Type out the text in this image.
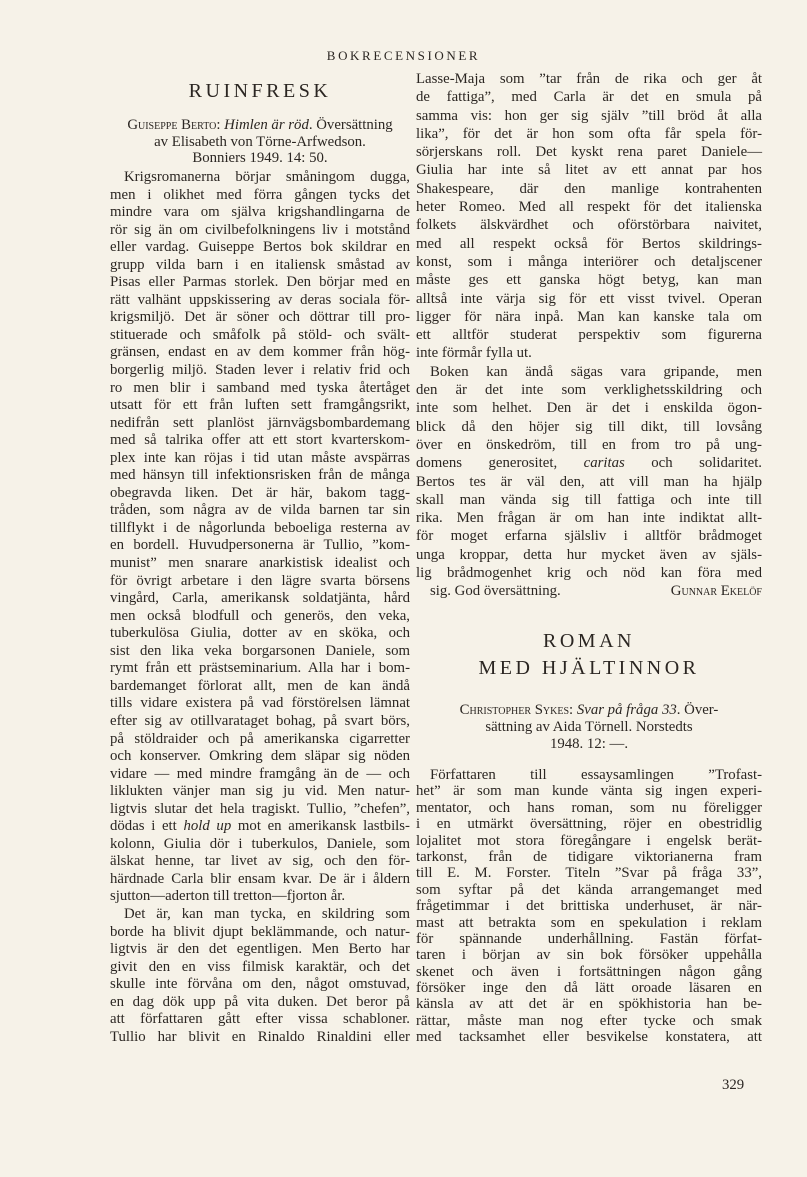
BOKRECENSIONER
RUINFRESK
Guiseppe Berto: Himlen är röd. Översättning
av Elisabeth von Törne-Arfwedson.
Bonniers 1949. 14: 50.
Krigsromanerna börjar småningom dugga,
men i olikhet med förra gången tycks det
mindre vara om själva krigshandlingarna de
rör sig än om civilbefolkningens liv i motstånd
eller vardag. Guiseppe Bertos bok skildrar en
grupp vilda barn i en italiensk småstad av
Pisas eller Parmas storlek. Den börjar med en
rätt valhänt uppskissering av deras sociala för-
krigsmiljö. Det är söner och döttrar till pro-
stituerade och småfolk på stöld- och svält-
gränsen, endast en av dem kommer från hög-
borgerlig miljö. Staden lever i relativ frid och
ro men blir i samband med tyska återtåget
utsatt för ett från luften sett framgångsrikt,
nedifrån sett planlöst järnvägsbombardemang
med så talrika offer att ett stort kvarterskom-
plex inte kan röjas i tid utan måste avspärras
med hänsyn till infektionsrisken från de många
obegravda liken. Det är här, bakom tagg-
tråden, som några av de vilda barnen tar sin
tillflykt i de någorlunda beboeliga resterna av
en bordell. Huvudpersonerna är Tullio, ”kom-
munist” men snarare anarkistisk idealist och
för övrigt arbetare i den lägre svarta börsens
vingård, Carla, amerikansk soldatjänta, hård
men också blodfull och generös, den veka,
tuberkulösa Giulia, dotter av en sköka, och
sist den lika veka borgarsonen Daniele, som
rymt från ett prästseminarium. Alla har i bom-
bardemanget förlorat allt, men de kan ändå
tills vidare existera på vad förstörelsen lämnat
efter sig av otillvarataget bohag, på svart börs,
på stöldraider och på amerikanska cigarretter
och konserver. Omkring dem släpar sig nöden
vidare — med mindre framgång än de — och
liklukten vänjer man sig ju vid. Men natur-
ligtvis slutar det hela tragiskt. Tullio, ”chefen”,
dödas i ett hold up mot en amerikansk lastbils-
kolonn, Giulia dör i tuberkulos, Daniele, som
älskat henne, tar livet av sig, och den för-
härdnade Carla blir ensam kvar. De är i åldern
sjutton—aderton till tretton—fjorton år.
Det är, kan man tycka, en skildring som
borde ha blivit djupt beklämmande, och natur-
ligtvis är den det egentligen. Men Berto har
givit den en viss filmisk karaktär, och det
skulle inte förvåna om den, något omstuvad,
en dag dök upp på vita duken. Det beror på
att författaren gått efter vissa schabloner.
Tullio har blivit en Rinaldo Rinaldini eller
Lasse-Maja som ”tar från de rika och ger åt
de fattiga”, med Carla är det en smula på
samma vis: hon ger sig själv ”till bröd åt alla
lika”, för det är hon som ofta får spela för-
sörjerskans roll. Det kyskt rena paret Daniele—
Giulia har inte så litet av ett annat par hos
Shakespeare, där den manlige kontrahenten
heter Romeo. Med all respekt för det italienska
folkets älskvärdhet och oförstörbara naivitet,
med all respekt också för Bertos skildrings-
konst, som i många interiörer och detaljscener
måste ges ett ganska högt betyg, kan man
alltså inte värja sig för ett visst tvivel. Operan
ligger för nära inpå. Man kan kanske tala om
ett alltför studerat perspektiv som figurerna
inte förmår fylla ut.
Boken kan ändå sägas vara gripande, men
den är det inte som verklighetsskildring och
inte som helhet. Den är det i enskilda ögon-
blick då den höjer sig till dikt, till lovsång
över en önskedröm, till en from tro på ung-
domens generositet, caritas och solidaritet.
Bertos tes är väl den, att vill man ha hjälp
skall man vända sig till fattiga och inte till
rika. Men frågan är om han inte indiktat allt-
för moget erfarna själsliv i alltför brådmoget
unga kroppar, detta hur mycket även av själs-
lig brådmogenhet krig och nöd kan föra med
sig. God översättning.	Gunnar Ekelöf
ROMAN
MED HJÄLTINNOR
Christopher Sykes: Svar på fråga 33. Över-
sättning av Aida Törnell. Norstedts
1948. 12: —.
Författaren till essaysamlingen ”Trofast-
het” är som man kunde vänta sig ingen experi-
mentator, och hans roman, som nu föreligger
i en utmärkt översättning, röjer en obestridlig
lojalitet mot stora föregångare i engelsk berät-
tarkonst, från de tidigare viktorianerna fram
till E. M. Forster. Titeln ”Svar på fråga 33”,
som syftar på det kända arrangemanget med
frågetimmar i det brittiska underhuset, är när-
mast att betrakta som en spekulation i reklam
för spännande underhållning. Fastän förfat-
taren i början av sin bok försöker uppehålla
skenet och även i fortsättningen någon gång
försöker inge den då lätt oroade läsaren en
känsla av att det är en spökhistoria han be-
rättar, måste man nog efter tycke och smak
med tacksamhet eller besvikelse konstatera, att
329
